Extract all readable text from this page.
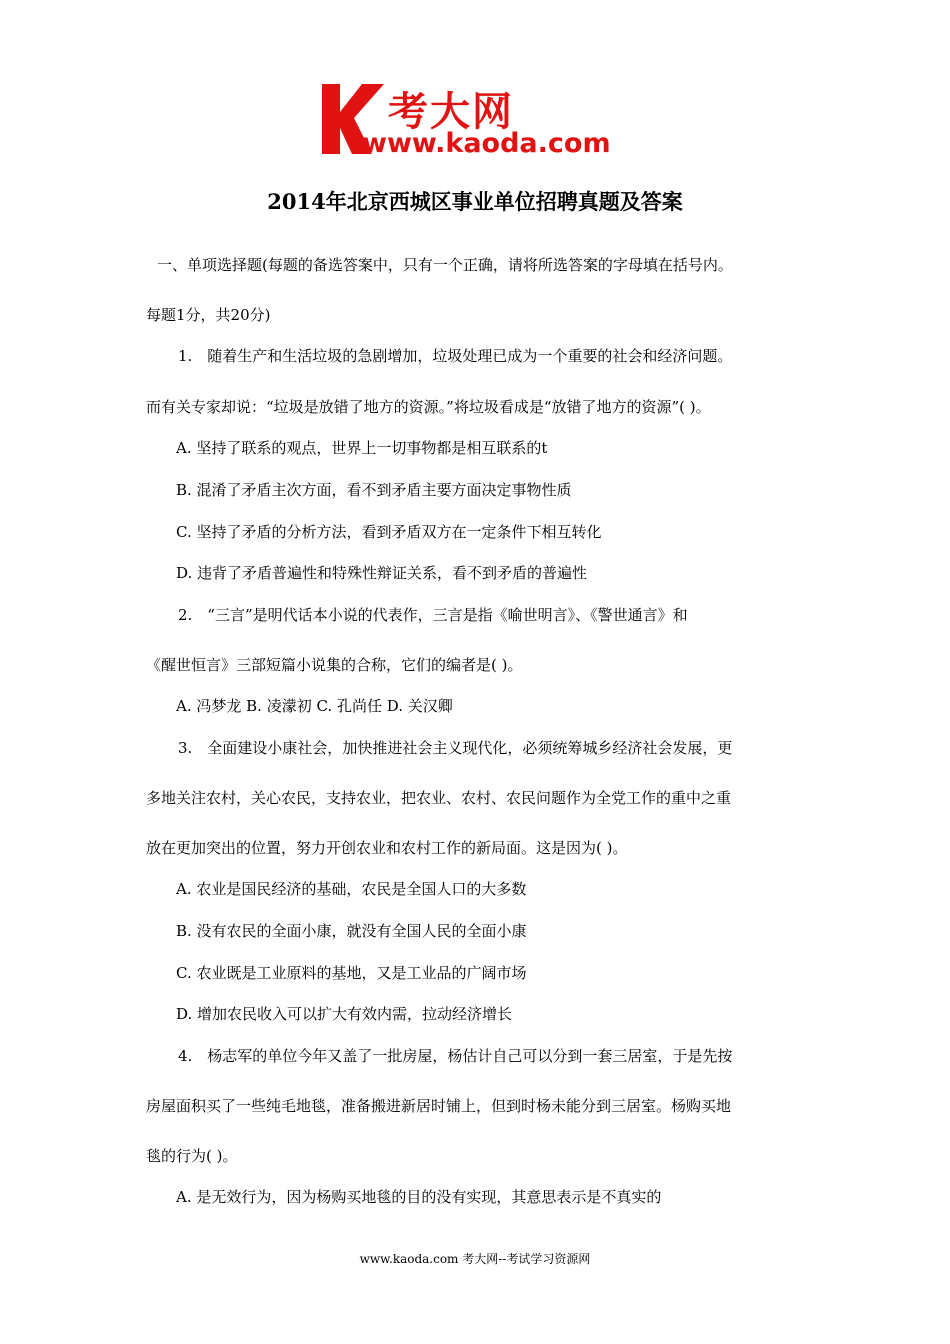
考大网
www.kaoda.com
2014年北京西城区事业单位招聘真题及答案
一、单项选择题(每题的备选答案中，只有一个正确，请将所选答案的字母填在括号内。
每题1分，共20分)
1.　随着生产和生活垃圾的急剧增加，垃圾处理已成为一个重要的社会和经济问题。
而有关专家却说：“垃圾是放错了地方的资源。”将垃圾看成是“放错了地方的资源”( )。
A. 坚持了联系的观点，世界上一切事物都是相互联系的t
B. 混淆了矛盾主次方面，看不到矛盾主要方面决定事物性质
C. 坚持了矛盾的分析方法，看到矛盾双方在一定条件下相互转化
D. 违背了矛盾普遍性和特殊性辩证关系，看不到矛盾的普遍性
2.　“三言”是明代话本小说的代表作，三言是指《喻世明言》、《警世通言》和
《醒世恒言》三部短篇小说集的合称，它们的编者是( )。
A. 冯梦龙 B. 凌濛初 C. 孔尚任 D. 关汉卿
3.　全面建设小康社会，加快推进社会主义现代化，必须统筹城乡经济社会发展，更
多地关注农村，关心农民，支持农业，把农业、农村、农民问题作为全党工作的重中之重
放在更加突出的位置，努力开创农业和农村工作的新局面。这是因为( )。
A. 农业是国民经济的基础，农民是全国人口的大多数
B. 没有农民的全面小康，就没有全国人民的全面小康
C. 农业既是工业原料的基地，又是工业品的广阔市场
D. 增加农民收入可以扩大有效内需，拉动经济增长
4.　杨志军的单位今年又盖了一批房屋，杨估计自己可以分到一套三居室，于是先按
房屋面积买了一些纯毛地毯，准备搬进新居时铺上，但到时杨未能分到三居室。杨购买地
毯的行为( )。
A. 是无效行为，因为杨购买地毯的目的没有实现，其意思表示是不真实的
www.kaoda.com 考大网--考试学习资源网
